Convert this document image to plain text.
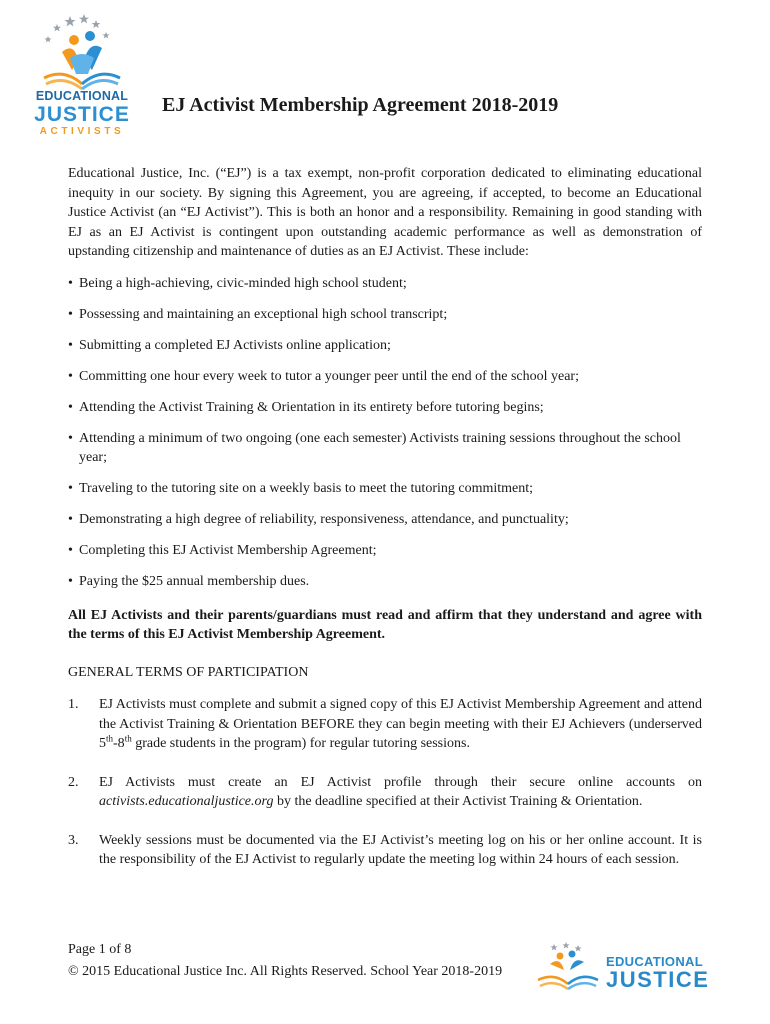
EDUCATIONAL
JUSTICE
ACTIVISTS
EJ Activist Membership Agreement 2018-2019

Educational Justice, Inc. (“EJ”) is a tax exempt, non-profit corporation dedicated to eliminating educational inequity in our society. By signing this Agreement, you are agreeing, if accepted, to become an Educational Justice Activist (an “EJ Activist”). This is both an honor and a responsibility. Remaining in good standing with EJ as an EJ Activist is contingent upon outstanding academic performance as well as demonstration of upstanding citizenship and maintenance of duties as an EJ Activist. These include:

• Being a high-achieving, civic-minded high school student;
• Possessing and maintaining an exceptional high school transcript;
• Submitting a completed EJ Activists online application;
• Committing one hour every week to tutor a younger peer until the end of the school year;
• Attending the Activist Training & Orientation in its entirety before tutoring begins;
• Attending a minimum of two ongoing (one each semester) Activists training sessions throughout the school year;
• Traveling to the tutoring site on a weekly basis to meet the tutoring commitment;
• Demonstrating a high degree of reliability, responsiveness, attendance, and punctuality;
• Completing this EJ Activist Membership Agreement;
• Paying the $25 annual membership dues.

All EJ Activists and their parents/guardians must read and affirm that they understand and agree with the terms of this EJ Activist Membership Agreement.

GENERAL TERMS OF PARTICIPATION

1. EJ Activists must complete and submit a signed copy of this EJ Activist Membership Agreement and attend the Activist Training & Orientation BEFORE they can begin meeting with their EJ Achievers (underserved 5th-8th grade students in the program) for regular tutoring sessions.
2. EJ Activists must create an EJ Activist profile through their secure online accounts on activists.educationaljustice.org by the deadline specified at their Activist Training & Orientation.
3. Weekly sessions must be documented via the EJ Activist’s meeting log on his or her online account. It is the responsibility of the EJ Activist to regularly update the meeting log within 24 hours of each session.
Page 1 of 8
© 2015 Educational Justice Inc. All Rights Reserved. School Year 2018-2019
EDUCATIONAL
JUSTICE
